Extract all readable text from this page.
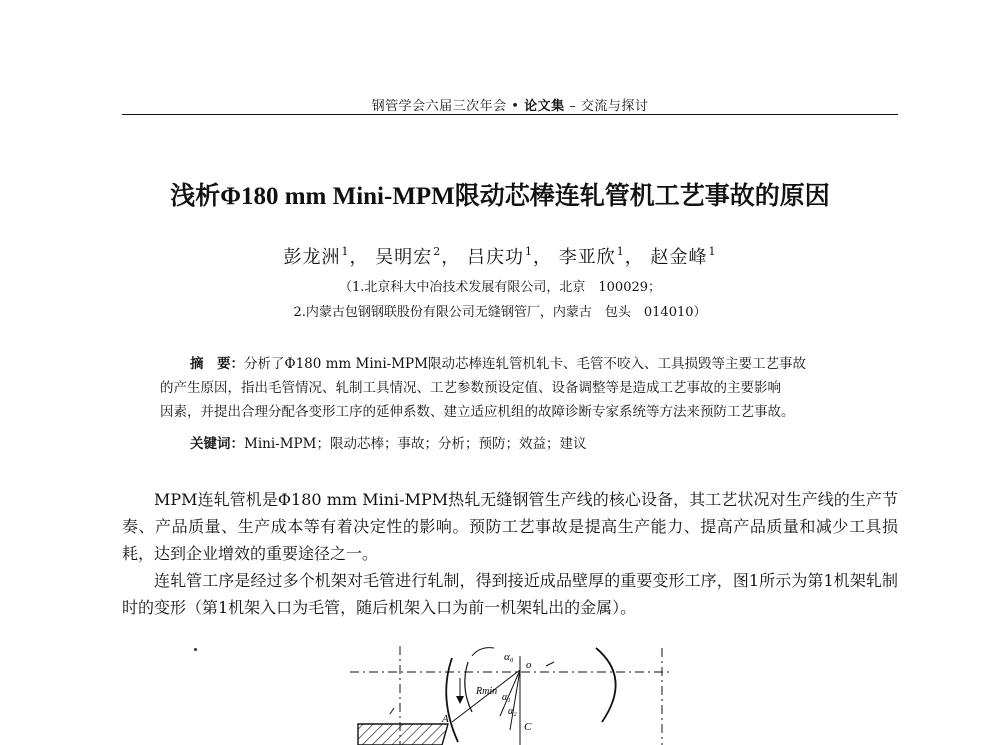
钢管学会六届三次年会 • 论文集 – 交流与探讨
浅析Φ180 mm Mini-MPM限动芯棒连轧管机工艺事故的原因
彭龙洲$^1$， 吴明宏$^2$， 吕庆功$^1$， 李亚欣$^1$， 赵金峰$^1$
（1.北京科大中冶技术发展有限公司，北京　100029；
2.内蒙古包钢钢联股份有限公司无缝钢管厂，内蒙古　包头　014010）
摘　要：分析了Φ180 mm Mini-MPM限动芯棒连轧管机轧卡、毛管不咬入、工具损毁等主要工艺事故
的产生原因，指出毛管情况、轧制工具情况、工艺参数预设定值、设备调整等是造成工艺事故的主要影响
因素，并提出合理分配各变形工序的延伸系数、建立适应机组的故障诊断专家系统等方法来预防工艺事故。
关键词：Mini-MPM；限动芯棒；事故；分析；预防；效益；建议

MPM连轧管机是Φ180 mm Mini-MPM热轧无缝钢管生产线的核心设备，其工艺状况对生产线的生产节奏、产品质量、生产成本等有着决定性的影响。预防工艺事故是提高生产能力、提高产品质量和减少工具损耗，达到企业增效的重要途径之一。

连轧管工序是经过多个机架对毛管进行轧制，得到接近成品壁厚的重要变形工序，图1所示为第1机架轧制时的变形（第1机架入口为毛管，随后机架入口为前一机架轧出的金属）。

α₀
o
Rmin
α₁
α₂
A
C
